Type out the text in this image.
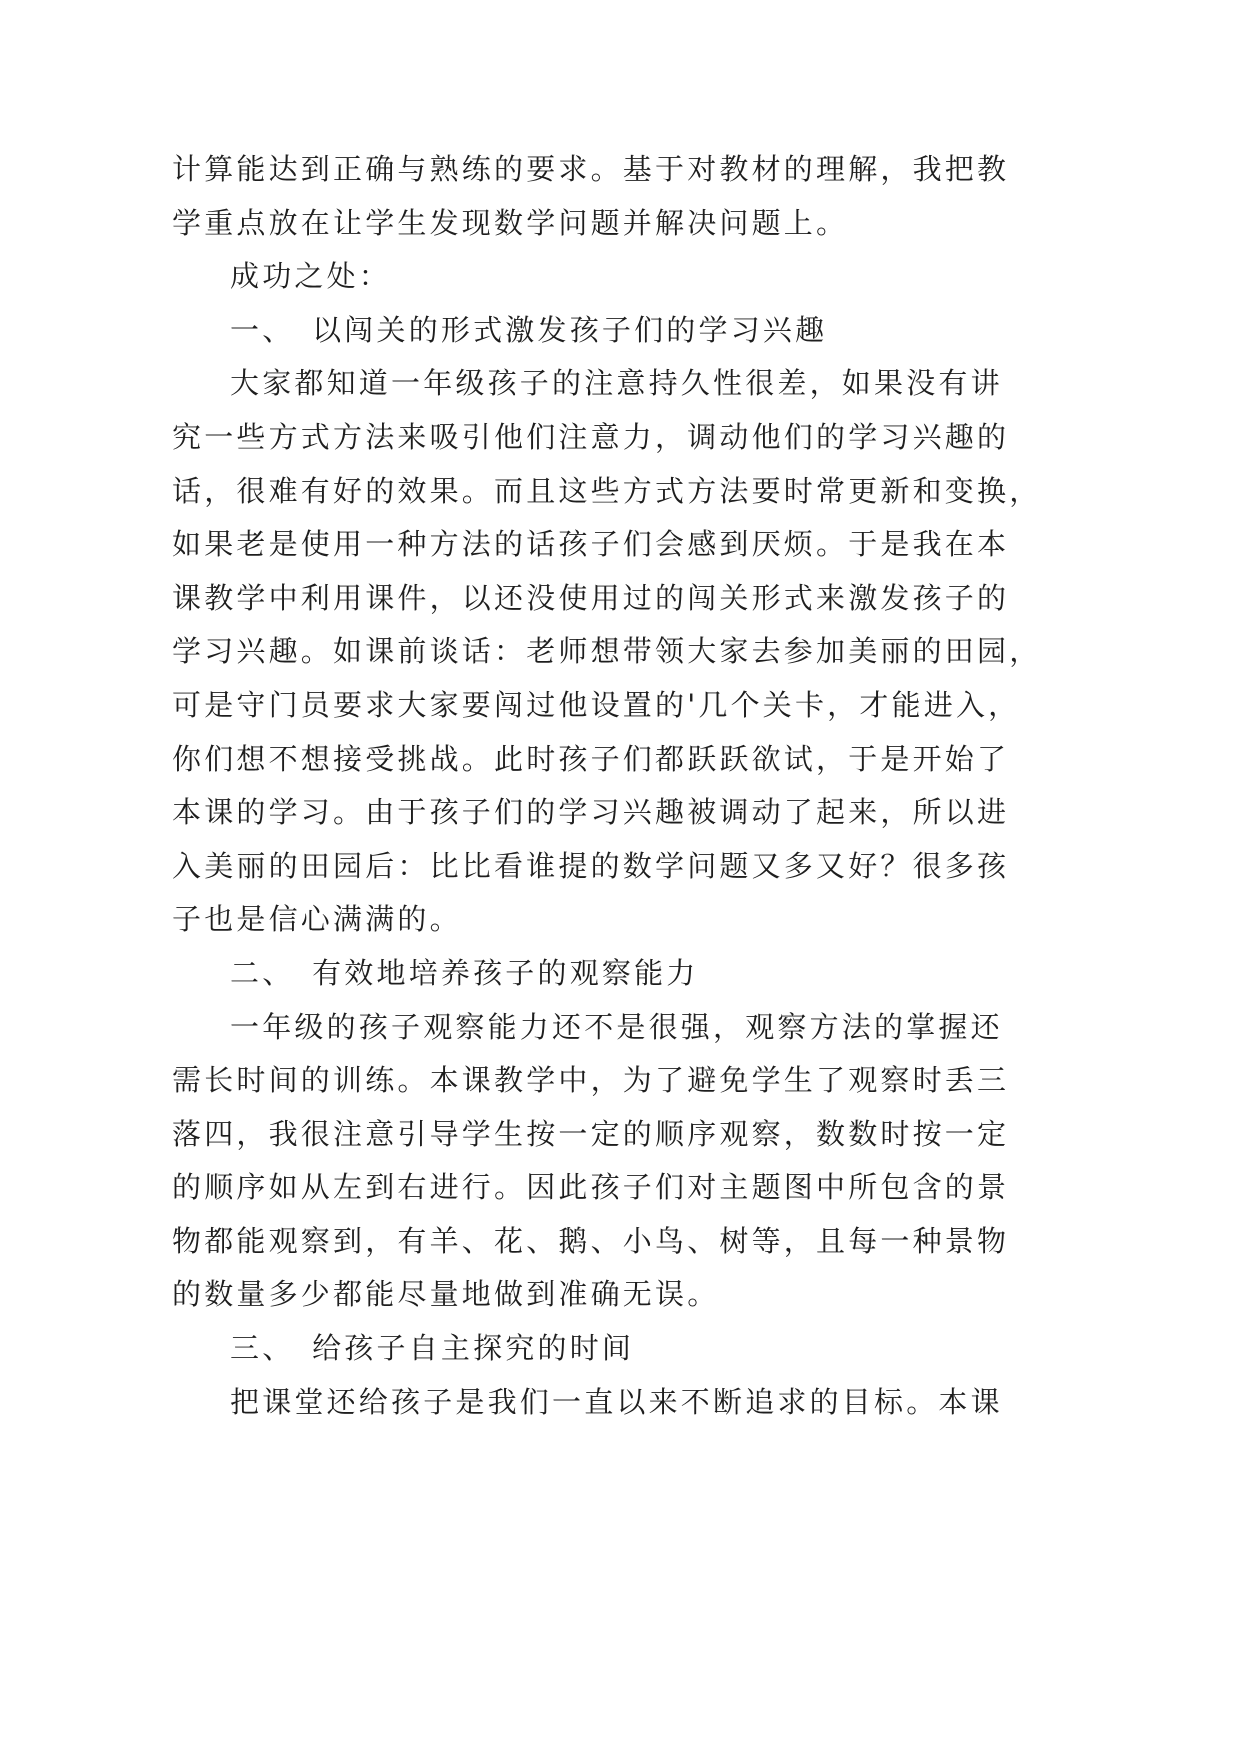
计算能达到正确与熟练的要求。基于对教材的理解，我把教
学重点放在让学生发现数学问题并解决问题上。
成功之处：
一、　以闯关的形式激发孩子们的学习兴趣
大家都知道一年级孩子的注意持久性很差，如果没有讲
究一些方式方法来吸引他们注意力，调动他们的学习兴趣的
话，很难有好的效果。而且这些方式方法要时常更新和变换，
如果老是使用一种方法的话孩子们会感到厌烦。于是我在本
课教学中利用课件，以还没使用过的闯关形式来激发孩子的
学习兴趣。如课前谈话：老师想带领大家去参加美丽的田园，
可是守门员要求大家要闯过他设置的'几个关卡，才能进入，
你们想不想接受挑战。此时孩子们都跃跃欲试，于是开始了
本课的学习。由于孩子们的学习兴趣被调动了起来，所以进
入美丽的田园后：比比看谁提的数学问题又多又好？很多孩
子也是信心满满的。
二、　有效地培养孩子的观察能力
一年级的孩子观察能力还不是很强，观察方法的掌握还
需长时间的训练。本课教学中，为了避免学生了观察时丢三
落四，我很注意引导学生按一定的顺序观察，数数时按一定
的顺序如从左到右进行。因此孩子们对主题图中所包含的景
物都能观察到，有羊、花、鹅、小鸟、树等，且每一种景物
的数量多少都能尽量地做到准确无误。
三、　给孩子自主探究的时间
把课堂还给孩子是我们一直以来不断追求的目标。本课
